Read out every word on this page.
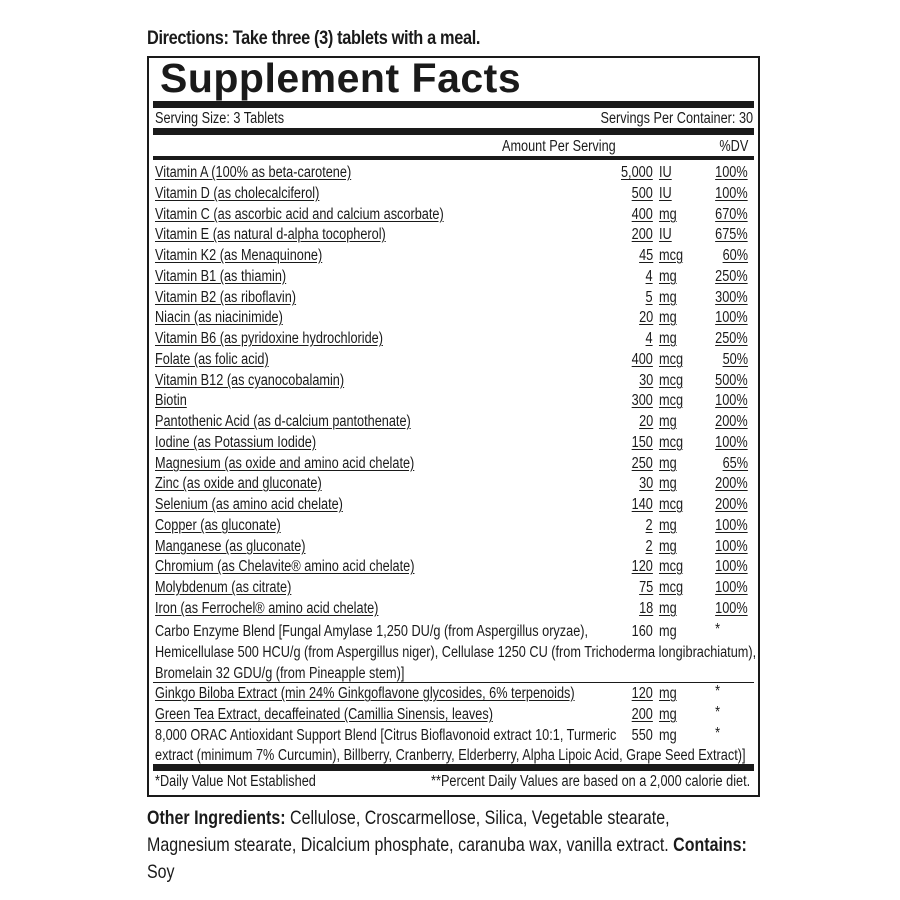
Directions: Take three (3) tablets with a meal.
Supplement Facts
Serving Size: 3 Tablets	Servings Per Container: 30
Amount Per Serving	%DV
Vitamin A (100% as beta-carotene)	5,000 IU	100%
Vitamin D (as cholecalciferol)	500 IU	100%
Vitamin C (as ascorbic acid and calcium ascorbate)	400 mg	670%
Vitamin E (as natural d-alpha tocopherol)	200 IU	675%
Vitamin K2 (as Menaquinone)	45 mcg	60%
Vitamin B1 (as thiamin)	4 mg	250%
Vitamin B2 (as riboflavin)	5 mg	300%
Niacin (as niacinimide)	20 mg	100%
Vitamin B6 (as pyridoxine hydrochloride)	4 mg	250%
Folate (as folic acid)	400 mcg	50%
Vitamin B12 (as cyanocobalamin)	30 mcg 500%
Biotin	300 mcg 100%
Pantothenic Acid (as d-calcium pantothenate)	20 mg	200%
Iodine (as Potassium Iodide)	150 mcg 100%
Magnesium (as oxide and amino acid chelate)	250 mg	65%
Zinc (as oxide and gluconate)	30 mg	200%
Selenium (as amino acid chelate)	140 mcg 200%
Copper (as gluconate)	2 mg	100%
Manganese (as gluconate)	2 mg	100%
Chromium (as Chelavite® amino acid chelate)	120 mcg 100%
Molybdenum (as citrate)	75 mcg 100%
Iron (as Ferrochel® amino acid chelate)	18 mg	100%
Carbo Enzyme Blend [Fungal Amylase 1,250 DU/g (from Aspergillus oryzae),	160 mg *
Hemicellulase 500 HCU/g (from Aspergillus niger), Cellulase 1250 CU (from Trichoderma longibrachiatum),
Bromelain 32 GDU/g (from Pineapple stem)]
Ginkgo Biloba Extract (min 24% Ginkgoflavone glycosides, 6% terpenoids)	120 mg *
Green Tea Extract, decaffeinated (Camillia Sinensis, leaves)	200 mg *
8,000 ORAC Antioxidant Support Blend [Citrus Bioflavonoid extract 10:1, Turmeric 550 mg *
extract (minimum 7% Curcumin), Billberry, Cranberry, Elderberry, Alpha Lipoic Acid, Grape Seed Extract)]
*Daily Value Not Established	**Percent Daily Values are based on a 2,000 calorie diet.
Other Ingredients: Cellulose, Croscarmellose, Silica, Vegetable stearate, Magnesium stearate, Dicalcium phosphate, caranuba wax, vanilla extract. Contains: Soy
